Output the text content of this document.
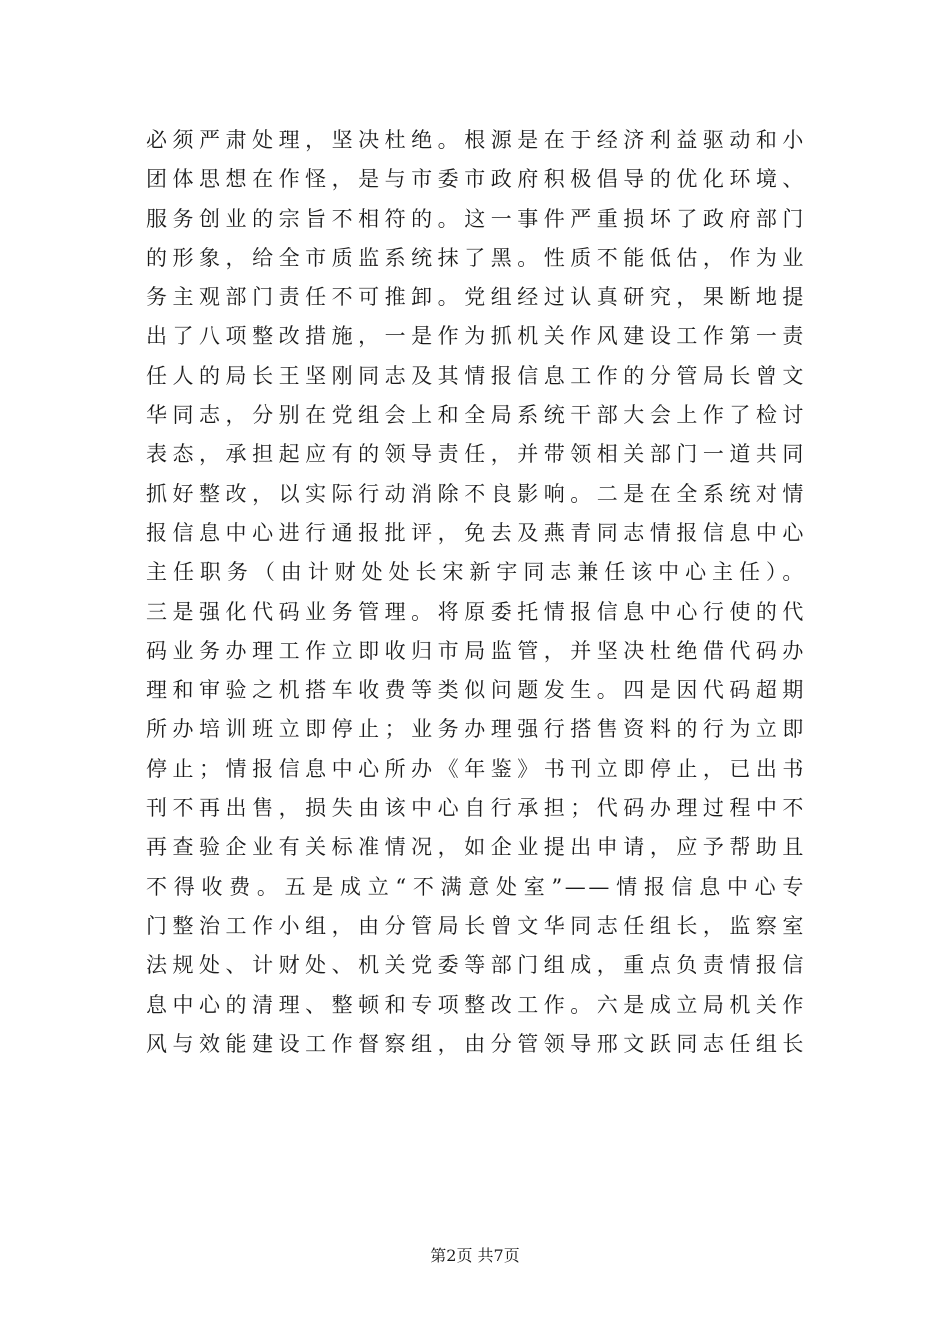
必须严肃处理，坚决杜绝。根源是在于经济利益驱动和小
团体思想在作怪，是与市委市政府积极倡导的优化环境、
服务创业的宗旨不相符的。这一事件严重损坏了政府部门
的形象，给全市质监系统抹了黑。性质不能低估，作为业
务主观部门责任不可推卸。党组经过认真研究，果断地提
出了八项整改措施，一是作为抓机关作风建设工作第一责
任人的局长王坚刚同志及其情报信息工作的分管局长曾文
华同志，分别在党组会上和全局系统干部大会上作了检讨
表态，承担起应有的领导责任，并带领相关部门一道共同
抓好整改，以实际行动消除不良影响。二是在全系统对情
报信息中心进行通报批评，免去及燕青同志情报信息中心
主任职务（由计财处处长宋新宇同志兼任该中心主任）。
三是强化代码业务管理。将原委托情报信息中心行使的代
码业务办理工作立即收归市局监管，并坚决杜绝借代码办
理和审验之机搭车收费等类似问题发生。四是因代码超期
所办培训班立即停止；业务办理强行搭售资料的行为立即
停止；情报信息中心所办《年鉴》书刊立即停止，已出书
刊不再出售，损失由该中心自行承担；代码办理过程中不
再查验企业有关标准情况，如企业提出申请，应予帮助且
不得收费。五是成立“不满意处室”——情报信息中心专
门整治工作小组，由分管局长曾文华同志任组长，监察室
法规处、计财处、机关党委等部门组成，重点负责情报信
息中心的清理、整顿和专项整改工作。六是成立局机关作
风与效能建设工作督察组，由分管领导邢文跃同志任组长
第2页 共7页
